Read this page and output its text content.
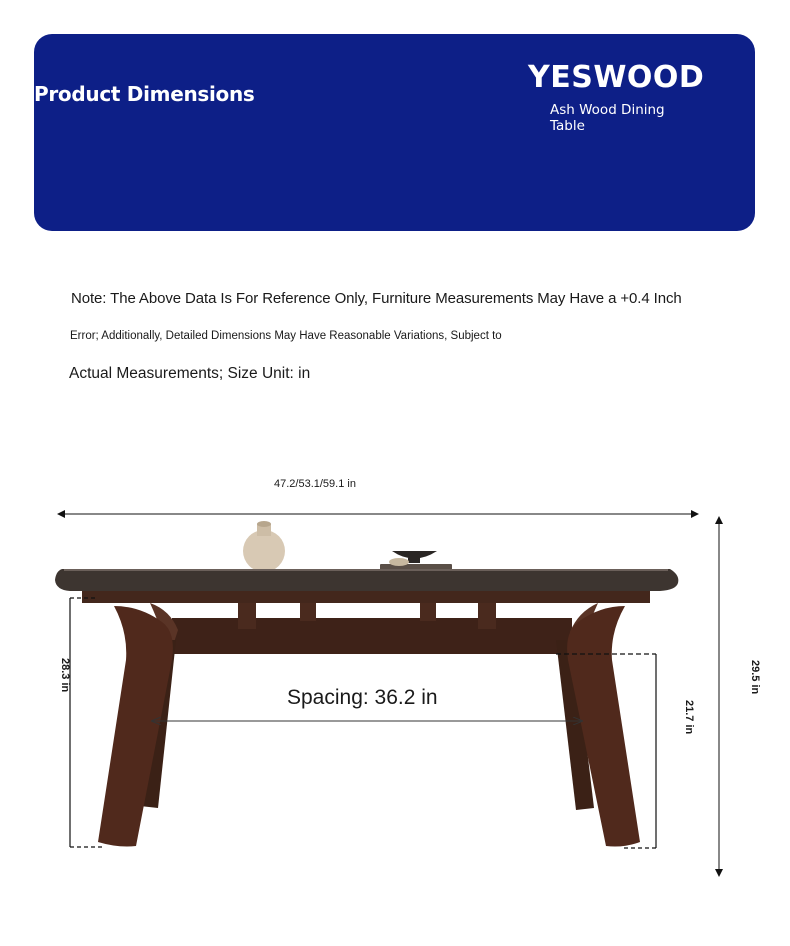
Product Dimensions	YESWOOD
Ash Wood Dining Table
Note: The Above Data Is For Reference Only, Furniture Measurements May Have a +0.4 Inch
Error; Additionally, Detailed Dimensions May Have Reasonable Variations, Subject to
Actual Measurements; Size Unit: in
47.2/53.1/59.1 in
Spacing: 36.2 in
28.3 in
21.7 in
29.5 in
